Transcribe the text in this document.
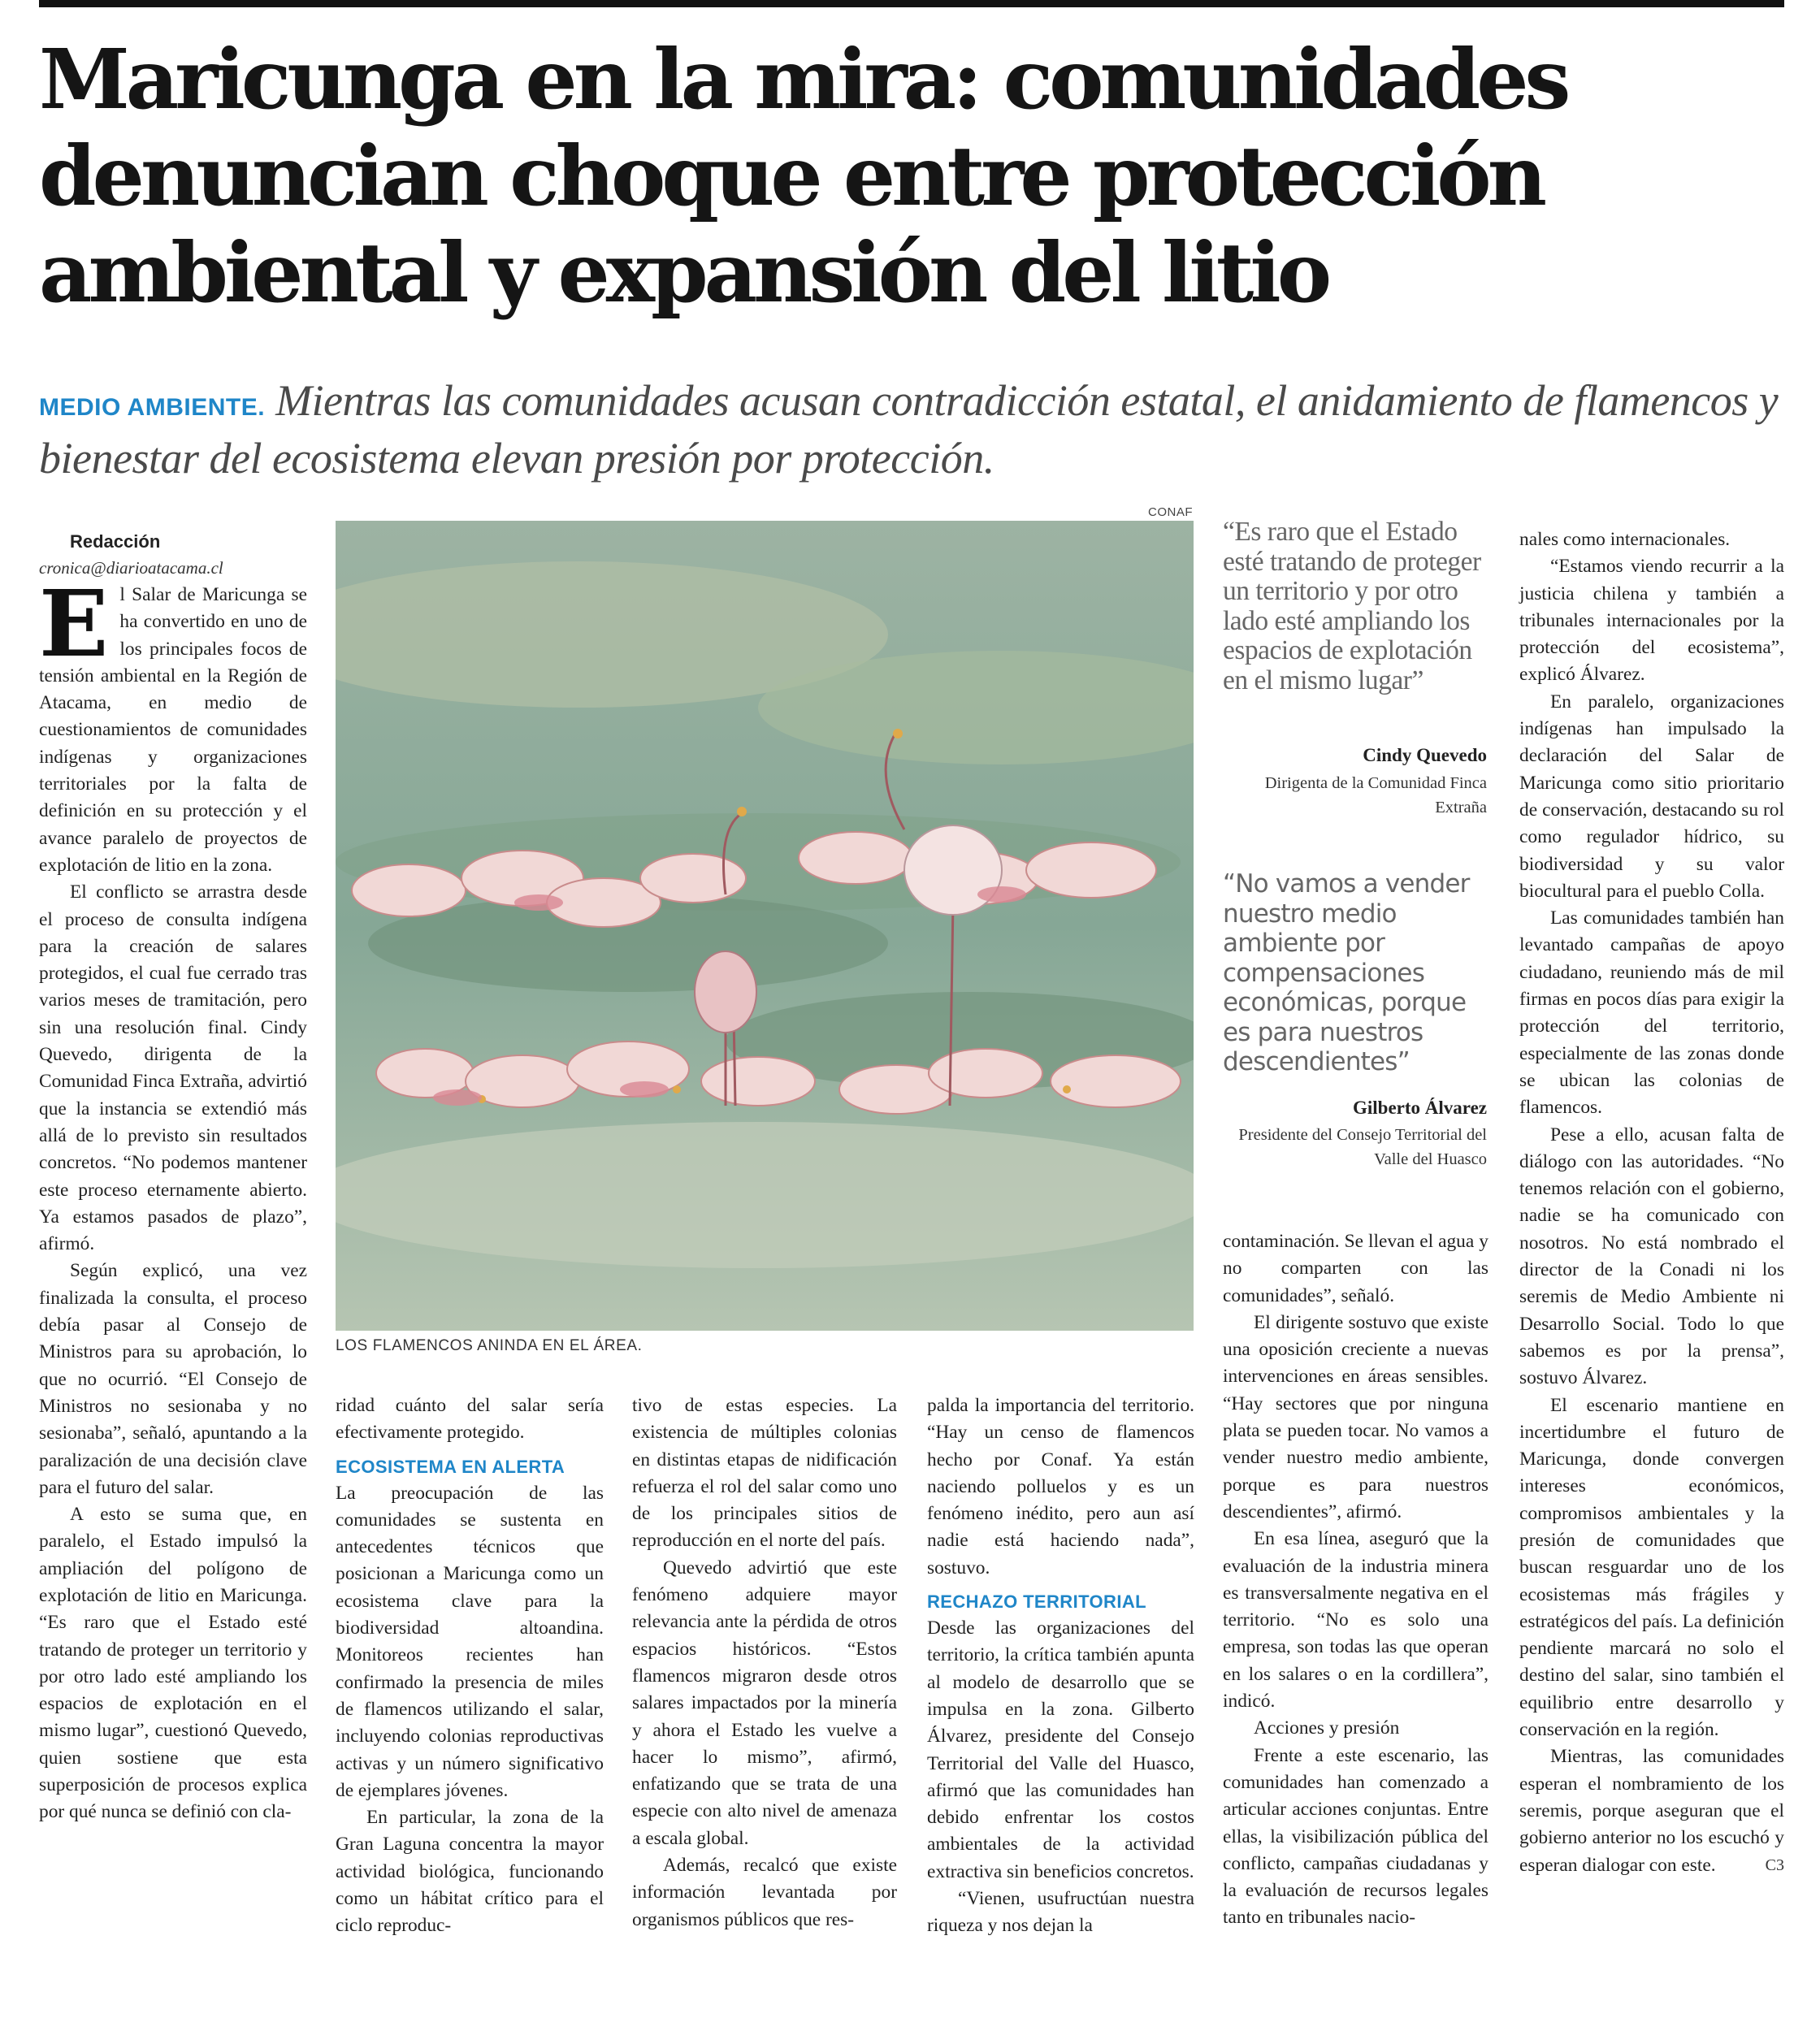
Maricunga en la mira: comunidades denuncian choque entre protección ambiental y expansión del litio

MEDIO AMBIENTE. Mientras las comunidades acusan contradicción estatal, el anidamiento de flamencos y bienestar del ecosistema elevan presión por protección.

Redacción

cronica@diarioatacama.cl

El Salar de Maricunga se ha convertido en uno de los principales focos de tensión ambiental en la Región de Atacama, en medio de cuestionamientos de comunidades indígenas y organizaciones territoriales por la falta de definición en su protección y el avance paralelo de proyectos de explotación de litio en la zona.

El conflicto se arrastra desde el proceso de consulta indígena para la creación de salares protegidos, el cual fue cerrado tras varios meses de tramitación, pero sin una resolución final. Cindy Quevedo, dirigenta de la Comunidad Finca Extraña, advirtió que la instancia se extendió más allá de lo previsto sin resultados concretos. “No podemos mantener este proceso eternamente abierto. Ya estamos pasados de plazo”, afirmó.

Según explicó, una vez finalizada la consulta, el proceso debía pasar al Consejo de Ministros para su aprobación, lo que no ocurrió. “El Consejo de Ministros no sesionaba y no sesionaba”, señaló, apuntando a la paralización de una decisión clave para el futuro del salar.

A esto se suma que, en paralelo, el Estado impulsó la ampliación del polígono de explotación de litio en Maricunga. “Es raro que el Estado esté tratando de proteger un territorio y por otro lado esté ampliando los espacios de explotación en el mismo lugar”, cuestionó Quevedo, quien sostiene que esta superposición de procesos explica por qué nunca se definió con cla-

CONAF
LOS FLAMENCOS ANINDA EN EL ÁREA.
“Es raro que el Estado esté tratando de proteger un territorio y por otro lado esté ampliando los espacios de explotación en el mismo lugar”
Cindy Quevedo
Dirigenta de la Comunidad Finca Extraña
“No vamos a vender nuestro medio ambiente por compensaciones económicas, porque es para nuestros descendientes”
Gilberto Álvarez
Presidente del Consejo Territorial del Valle del Huasco

ridad cuánto del salar sería efectivamente protegido.

ECOSISTEMA EN ALERTA

La preocupación de las comunidades se sustenta en antecedentes técnicos que posicionan a Maricunga como un ecosistema clave para la biodiversidad altoandina. Monitoreos recientes han confirmado la presencia de miles de flamencos utilizando el salar, incluyendo colonias reproductivas activas y un número significativo de ejemplares jóvenes.

En particular, la zona de la Gran Laguna concentra la mayor actividad biológica, funcionando como un hábitat crítico para el ciclo reproduc-

tivo de estas especies. La existencia de múltiples colonias en distintas etapas de nidificación refuerza el rol del salar como uno de los principales sitios de reproducción en el norte del país.

Quevedo advirtió que este fenómeno adquiere mayor relevancia ante la pérdida de otros espacios históricos. “Estos flamencos migraron desde otros salares impactados por la minería y ahora el Estado les vuelve a hacer lo mismo”, afirmó, enfatizando que se trata de una especie con alto nivel de amenaza a escala global.

Además, recalcó que existe información levantada por organismos públicos que res-

palda la importancia del territorio. “Hay un censo de flamencos hecho por Conaf. Ya están naciendo polluelos y es un fenómeno inédito, pero aun así nadie está haciendo nada”, sostuvo.

RECHAZO TERRITORIAL

Desde las organizaciones del territorio, la crítica también apunta al modelo de desarrollo que se impulsa en la zona. Gilberto Álvarez, presidente del Consejo Territorial del Valle del Huasco, afirmó que las comunidades han debido enfrentar los costos ambientales de la actividad extractiva sin beneficios concretos.

“Vienen, usufructúan nuestra riqueza y nos dejan la

contaminación. Se llevan el agua y no comparten con las comunidades”, señaló.

El dirigente sostuvo que existe una oposición creciente a nuevas intervenciones en áreas sensibles. “Hay sectores que por ninguna plata se pueden tocar. No vamos a vender nuestro medio ambiente, porque es para nuestros descendientes”, afirmó.

En esa línea, aseguró que la evaluación de la industria minera es transversalmente negativa en el territorio. “No es solo una empresa, son todas las que operan en los salares o en la cordillera”, indicó.

Acciones y presión

Frente a este escenario, las comunidades han comenzado a articular acciones conjuntas. Entre ellas, la visibilización pública del conflicto, campañas ciudadanas y la evaluación de recursos legales tanto en tribunales nacio-

nales como internacionales.

“Estamos viendo recurrir a la justicia chilena y también a tribunales internacionales por la protección del ecosistema”, explicó Álvarez.

En paralelo, organizaciones indígenas han impulsado la declaración del Salar de Maricunga como sitio prioritario de conservación, destacando su rol como regulador hídrico, su biodiversidad y su valor biocultural para el pueblo Colla.

Las comunidades también han levantado campañas de apoyo ciudadano, reuniendo más de mil firmas en pocos días para exigir la protección del territorio, especialmente de las zonas donde se ubican las colonias de flamencos.

Pese a ello, acusan falta de diálogo con las autoridades. “No tenemos relación con el gobierno, nadie se ha comunicado con nosotros. No está nombrado el director de la Conadi ni los seremis de Medio Ambiente ni Desarrollo Social. Todo lo que sabemos es por la prensa”, sostuvo Álvarez.

El escenario mantiene en incertidumbre el futuro de Maricunga, donde convergen intereses económicos, compromisos ambientales y la presión de comunidades que buscan resguardar uno de los ecosistemas más frágiles y estratégicos del país. La definición pendiente marcará no solo el destino del salar, sino también el equilibrio entre desarrollo y conservación en la región.

Mientras, las comunidades esperan el nombramiento de los seremis, porque aseguran que el gobierno anterior no los escuchó y esperan dialogar con este.	C3
